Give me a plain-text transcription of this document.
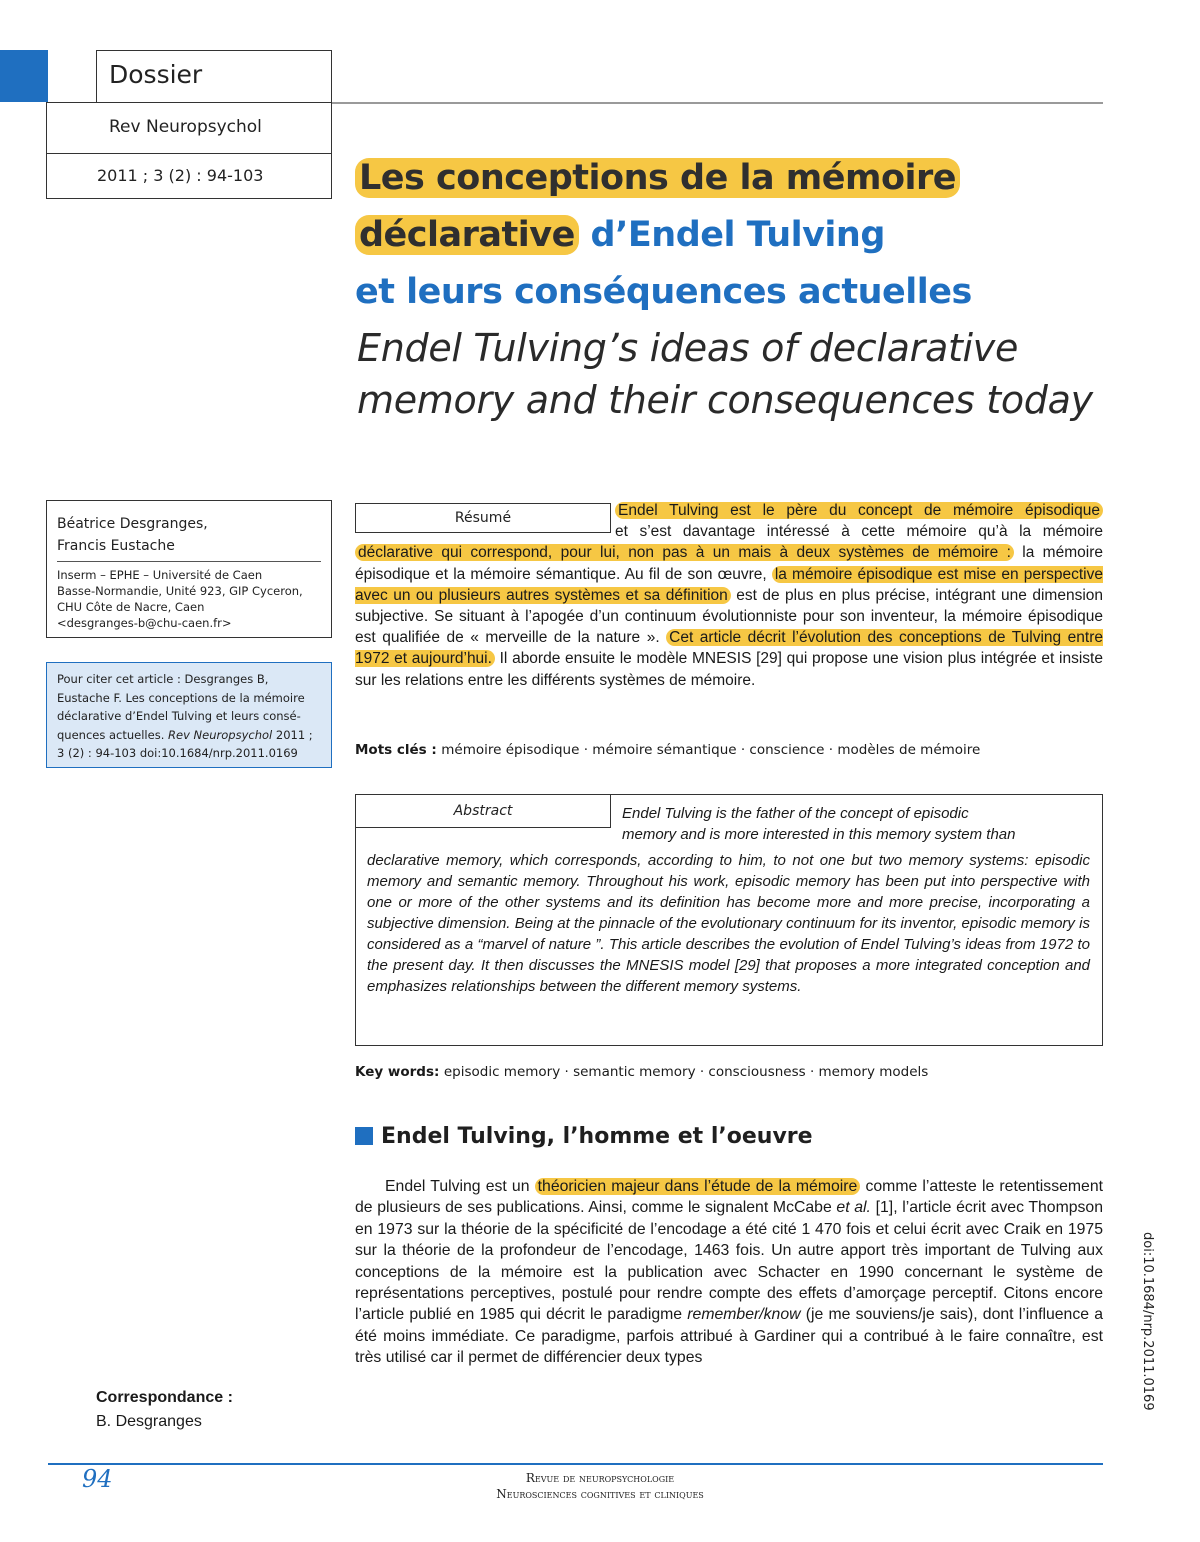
Dossier
Rev Neuropsychol
2011 ; 3 (2) : 94-103	Les conceptions de la mémoire
déclarative d’Endel Tulving
et leurs conséquences actuelles
Endel Tulving’s ideas of declarative
memory and their consequences today
Béatrice Desgranges,
Francis Eustache
Inserm – EPHE – Université de Caen
Basse-Normandie, Unité 923, GIP Cyceron,
CHU Côte de Nacre, Caen
<desgranges-b@chu-caen.fr>
Pour citer cet article : Desgranges B,
Eustache F. Les conceptions de la mémoire
déclarative d’Endel Tulving et leurs consé-
quences actuelles. Rev Neuropsychol 2011 ;
3 (2) : 94-103 doi:10.1684/nrp.2011.0169
Résumé	Endel Tulving est le père du concept de mémoire épisodique et s’est davantage intéressé à cette mémoire qu’à la mémoire déclarative qui correspond, pour lui, non pas à un mais à deux systèmes de mémoire : la mémoire épisodique et la mémoire sémantique. Au fil de son œuvre, la mémoire épisodique est mise en perspective avec un ou plusieurs autres systèmes et sa définition est de plus en plus précise, intégrant une dimension subjective. Se situant à l’apogée d’un continuum évolutionniste pour son inventeur, la mémoire épisodique est qualifiée de « merveille de la nature ». Cet article décrit l’évolution des conceptions de Tulving entre 1972 et aujourd’hui. Il aborde ensuite le modèle MNESIS [29] qui propose une vision plus intégrée et insiste sur les relations entre les différents systèmes de mémoire.
Mots clés : mémoire épisodique · mémoire sémantique · conscience · modèles de mémoire
Abstract	Endel Tulving is the father of the concept of episodic
memory and is more interested in this memory system than
declarative memory, which corresponds, according to him, to not one but two memory systems: episodic memory and semantic memory. Throughout his work, episodic memory has been put into perspective with one or more of the other systems and its definition has become more and more precise, incorporating a subjective dimension. Being at the pinnacle of the evolutionary continuum for its inventor, episodic memory is considered as a “marvel of nature ”. This article describes the evolution of Endel Tulving’s ideas from 1972 to the present day. It then discusses the MNESIS model [29] that proposes a more integrated conception and emphasizes relationships between the different memory systems.
Key words: episodic memory · semantic memory · consciousness · memory models
Endel Tulving, l’homme et l’oeuvre
Endel Tulving est un théoricien majeur dans l’étude de la mémoire comme l’atteste le retentissement de plusieurs de ses publications. Ainsi, comme le signalent McCabe et al. [1], l’article écrit avec Thompson en 1973 sur la théorie de la spécificité de l’encodage a été cité 1 470 fois et celui écrit avec Craik en 1975 sur la théorie de la profondeur de l’encodage, 1463 fois. Un autre apport très important de Tulving aux conceptions de la mémoire est la publication avec Schacter en 1990 concernant le système de représentations perceptives, postulé pour rendre compte des effets d’amorçage perceptif. Citons encore l’article publié en 1985 qui décrit le paradigme remember/know (je me souviens/je sais), dont l’influence a été moins immédiate. Ce paradigme, parfois attribué à Gardiner qui a contribué à le faire connaître, est très utilisé car il permet de différencier deux types
Correspondance :
B. Desgranges
doi:10.1684/nrp.2011.0169
94	Revue de neuropsychologie
Neurosciences cognitives et cliniques
